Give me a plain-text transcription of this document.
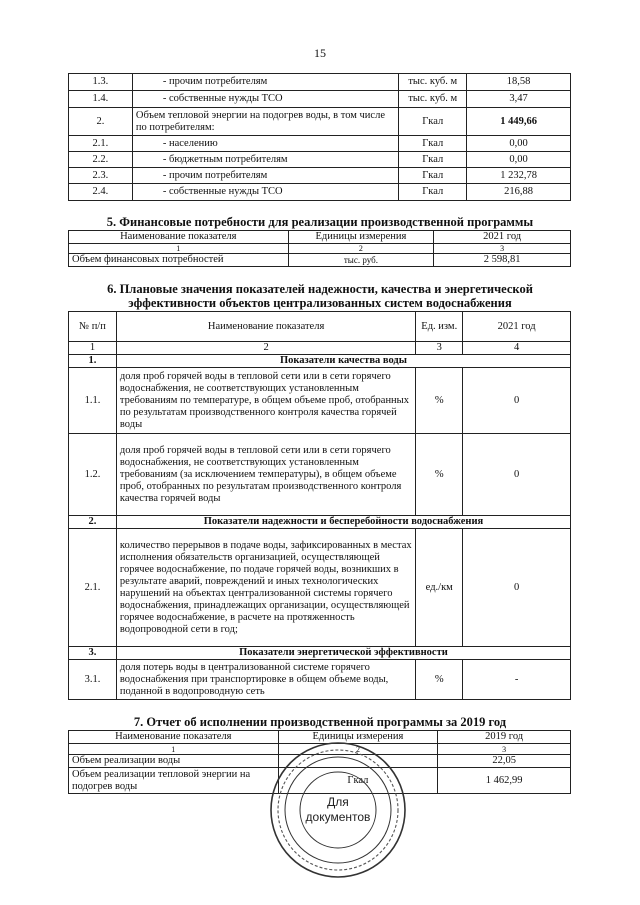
15
1.3.	- прочим потребителям	тыс. куб. м	18,58
1.4.	- собственные нужды ТСО	тыс. куб. м	3,47
2.	Объем тепловой энергии на подогрев воды, в том числе по потребителям:	Гкал	1 449,66
2.1.	- населению	Гкал	0,00
2.2.	- бюджетным потребителям	Гкал	0,00
2.3.	- прочим потребителям	Гкал	1 232,78
2.4.	- собственные нужды ТСО	Гкал	216,88
5. Финансовые потребности для реализации производственной программы
Наименование показателя	Единицы измерения	2021 год
1	2	3
Объем финансовых потребностей	тыс. руб.	2 598,81
6. Плановые значения показателей надежности, качества и энергетической
эффективности объектов централизованных систем водоснабжения
№ п/п	Наименование показателя	Ед. изм.	2021 год
1	2	3	4
1.	Показатели качества воды		
1.1.	доля проб горячей воды в тепловой сети или в сети горячего водоснабжения, не соответствующих установленным требованиям по температуре, в общем объеме проб, отобранных по результатам производственного контроля качества горячей воды	%	0
1.2.	доля проб горячей воды в тепловой сети или в сети горячего водоснабжения, не соответствующих установленным требованиям (за исключением температуры), в общем объеме проб, отобранных по результатам производственного контроля качества горячей воды	%	0
2.	Показатели надежности и бесперебойности водоснабжения		
2.1.	количество перерывов в подаче воды, зафиксированных в местах исполнения обязательств организацией, осуществляющей горячее водоснабжение, по подаче горячей воды, возникших в результате аварий, повреждений и иных технологических нарушений на объектах централизованной системы горячего водоснабжения, принадлежащих организации, осуществляющей горячее водоснабжение, в расчете на протяженность водопроводной сети в год;	ед./км	0
3.	Показатели энергетической эффективности		
3.1.	доля потерь воды в централизованной системе горячего водоснабжения при транспортировке в общем объеме воды, поданной в водопроводную сеть	%	-
7. Отчет об исполнении производственной программы за 2019 год
Наименование показателя	Единицы измерения	2019 год
1	2	3
Объем реализации воды		22,05
Объем реализации тепловой энергии на подогрев воды	Гкал	1 462,99
Для
документов
